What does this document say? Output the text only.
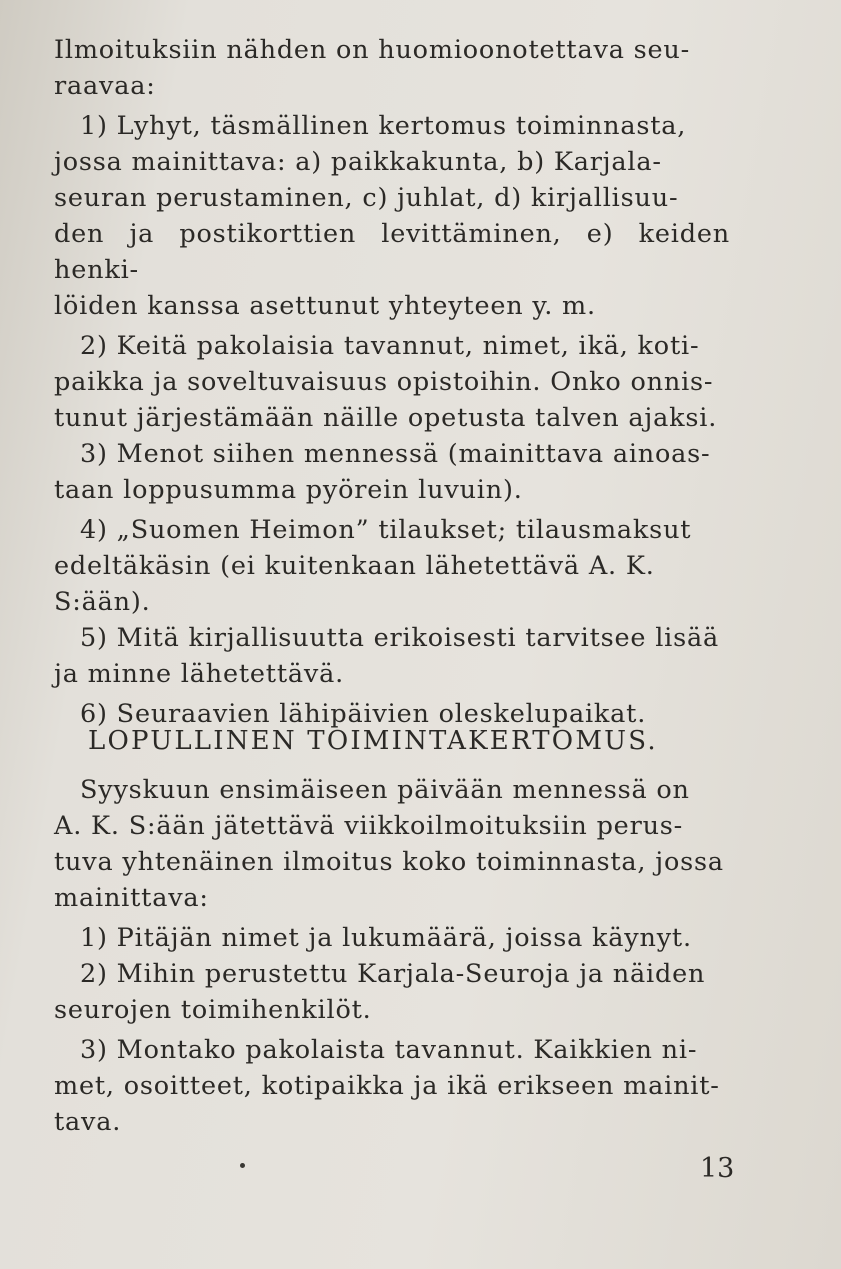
Ilmoituksiin nähden on huomioonotettava seu-

raavaa:

1) Lyhyt, täsmällinen kertomus toiminnasta,

jossa mainittava: a) paikkakunta, b) Karjala-

seuran perustaminen, c) juhlat, d) kirjallisuu-

den ja postikorttien levittäminen, e) keiden henki-

löiden kanssa asettunut yhteyteen y. m.

2) Keitä pakolaisia tavannut, nimet, ikä, koti-

paikka ja soveltuvaisuus opistoihin. Onko onnis-

tunut järjestämään näille opetusta talven ajaksi.

3) Menot siihen mennessä (mainittava ainoas-

taan loppusumma pyörein luvuin).

4) „Suomen Heimon” tilaukset; tilausmaksut

edeltäkäsin (ei kuitenkaan lähetettävä A. K.

S:ään).

5) Mitä kirjallisuutta erikoisesti tarvitsee lisää

ja minne lähetettävä.

6) Seuraavien lähipäivien oleskelupaikat.

LOPULLINEN TOIMINTAKERTOMUS.

Syyskuun ensimäiseen päivään mennessä on

A. K. S:ään jätettävä viikkoilmoituksiin perus-

tuva yhtenäinen ilmoitus koko toiminnasta, jossa

mainittava:

1) Pitäjän nimet ja lukumäärä, joissa käynyt.

2) Mihin perustettu Karjala-Seuroja ja näiden

seurojen toimihenkilöt.

3) Montako pakolaista tavannut. Kaikkien ni-

met, osoitteet, kotipaikka ja ikä erikseen mainit-

tava.

13
